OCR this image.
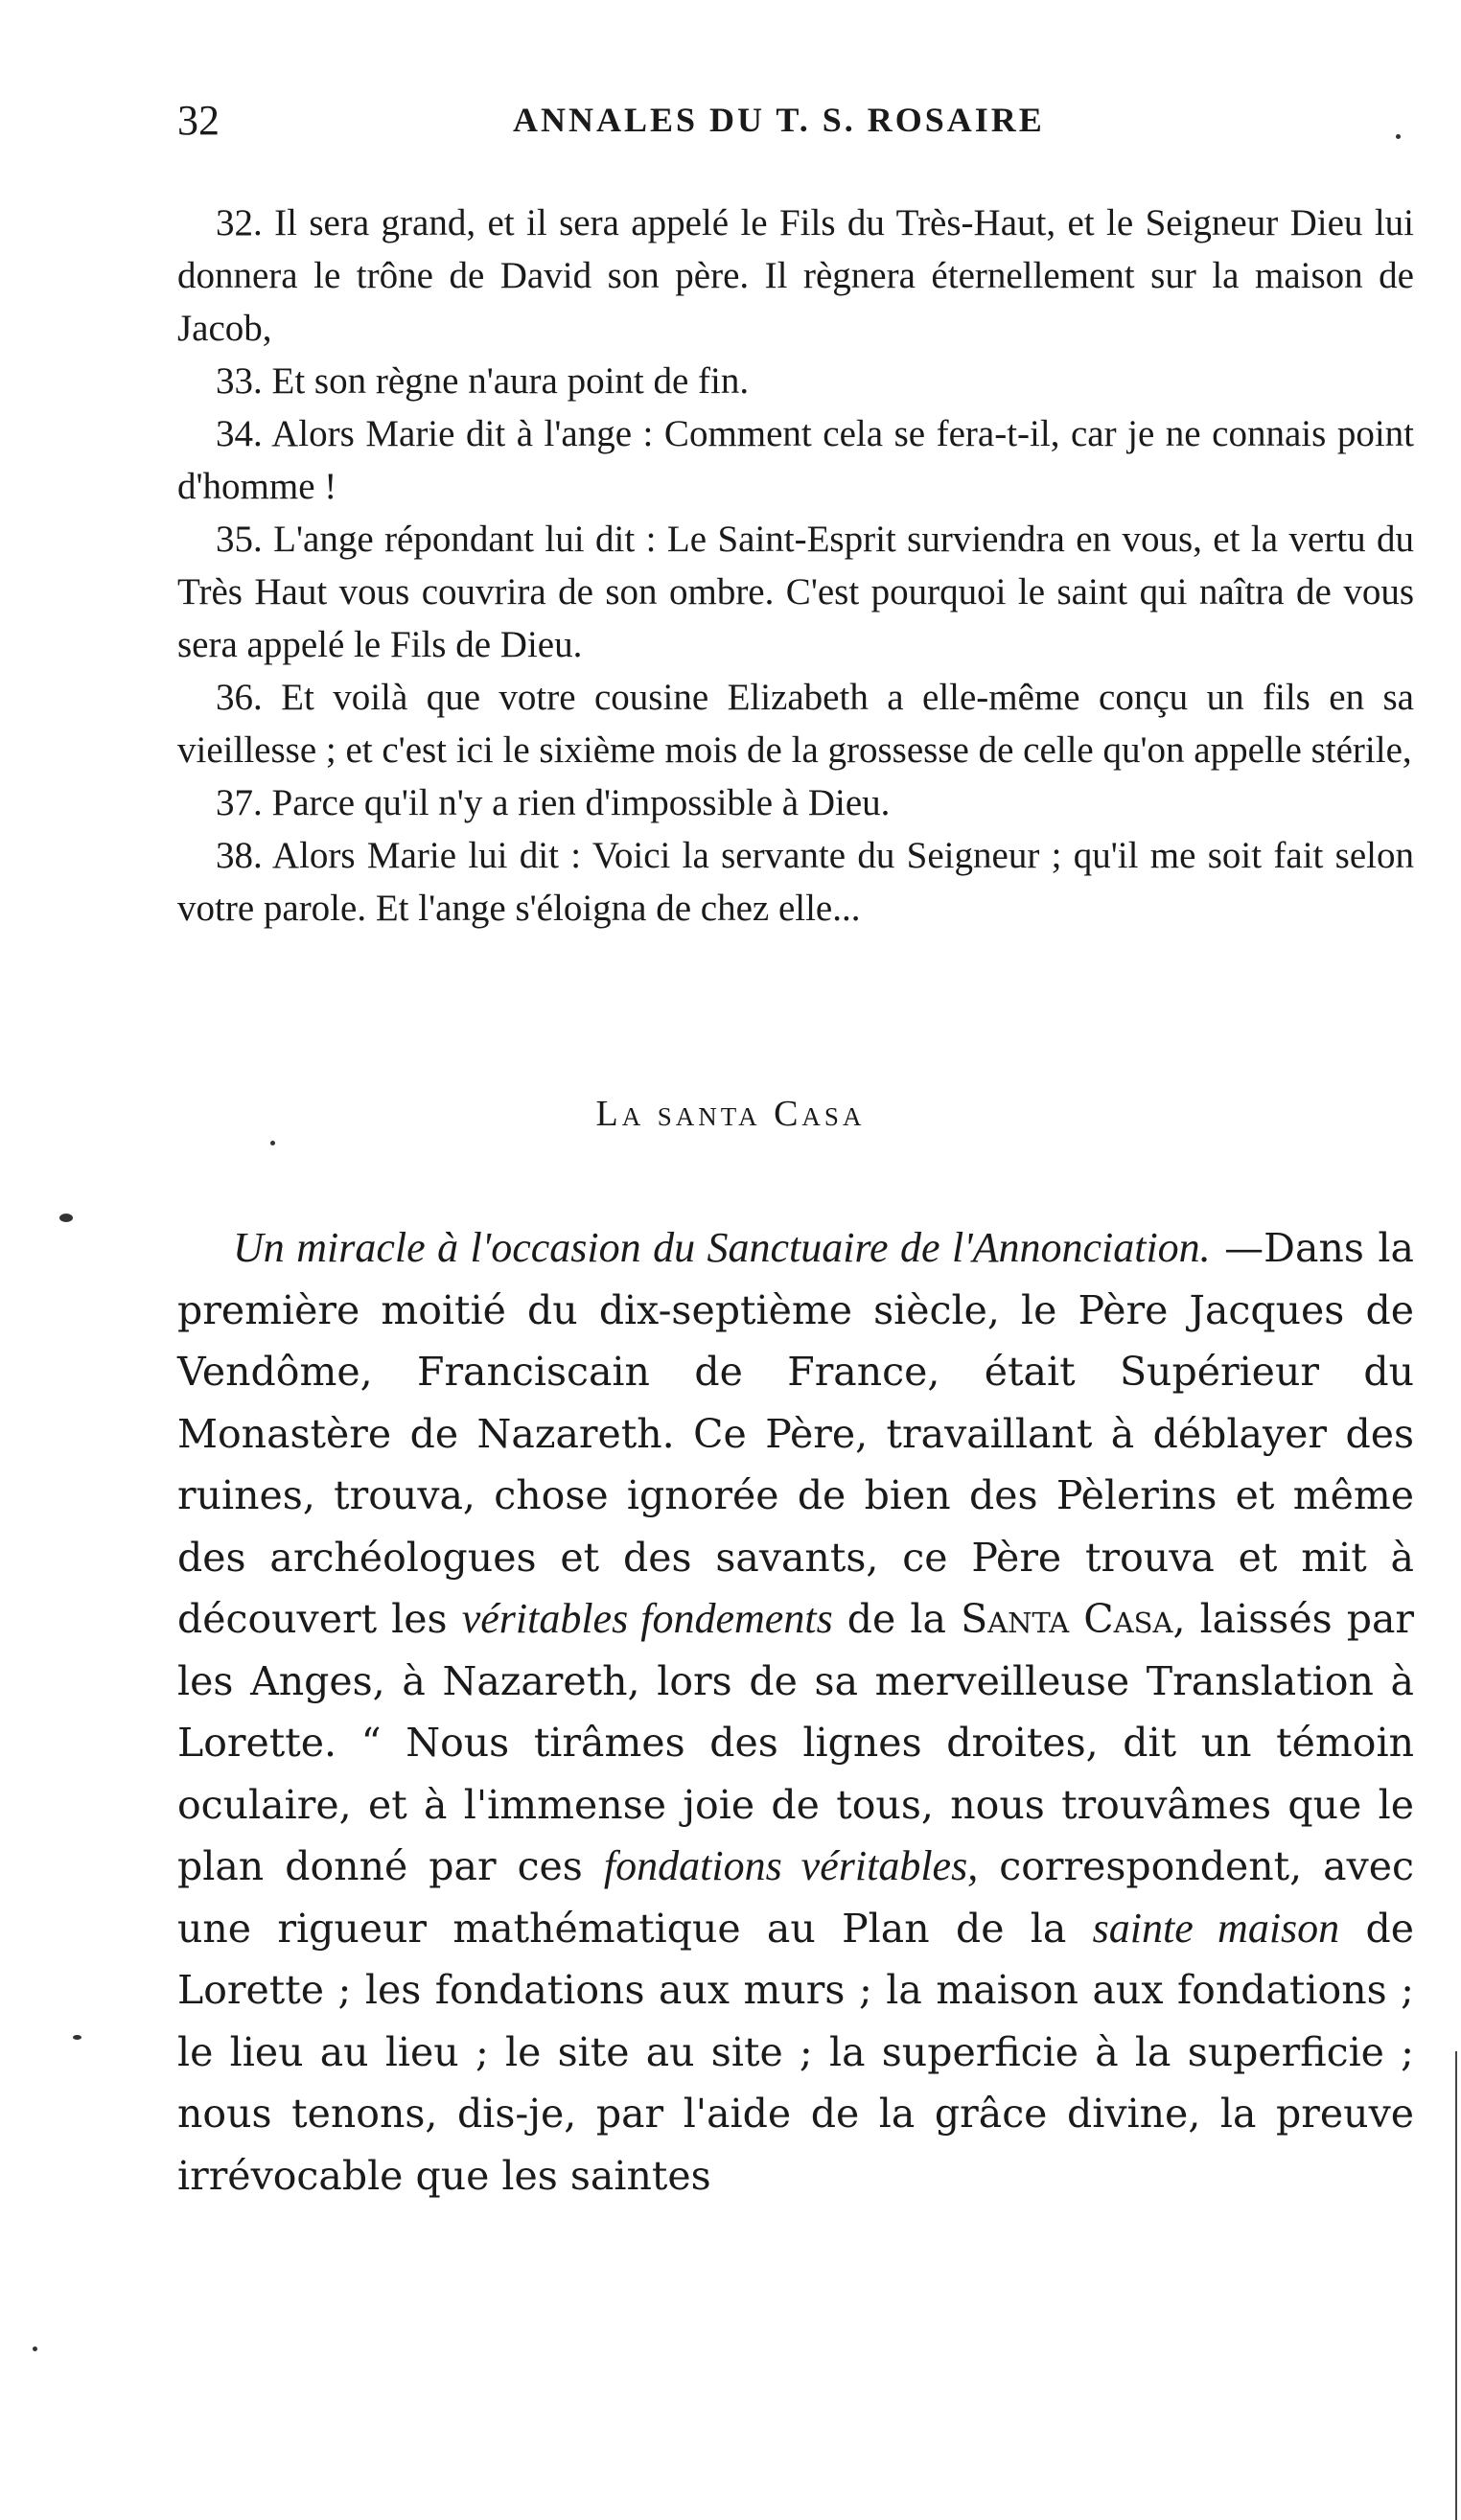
32	ANNALES DU T. S. ROSAIRE

32. Il sera grand, et il sera appelé le Fils du Très-Haut, et le Seigneur Dieu lui donnera le trône de David son père. Il règnera éternellement sur la maison de Jacob,

33. Et son règne n'aura point de fin.

34. Alors Marie dit à l'ange : Comment cela se fera-t-il, car je ne connais point d'homme !

35. L'ange répondant lui dit : Le Saint-Esprit surviendra en vous, et la vertu du Très Haut vous couvrira de son ombre. C'est pourquoi le saint qui naîtra de vous sera appelé le Fils de Dieu.

36. Et voilà que votre cousine Elizabeth a elle-même conçu un fils en sa vieillesse ; et c'est ici le sixième mois de la grossesse de celle qu'on appelle stérile,

37. Parce qu'il n'y a rien d'impossible à Dieu.

38. Alors Marie lui dit : Voici la servante du Seigneur ; qu'il me soit fait selon votre parole. Et l'ange s'éloigna de chez elle...

La santa Casa

Un miracle à l'occasion du Sanctuaire de l'Annonciation. —Dans la première moitié du dix-septième siècle, le Père Jacques de Vendôme, Franciscain de France, était Supérieur du Monastère de Nazareth. Ce Père, travaillant à déblayer des ruines, trouva, chose ignorée de bien des Pèlerins et même des archéologues et des savants, ce Père trouva et mit à découvert les véritables fondements de la Santa Casa, laissés par les Anges, à Nazareth, lors de sa merveilleuse Translation à Lorette. “ Nous tirâmes des lignes droites, dit un témoin oculaire, et à l'immense joie de tous, nous trouvâmes que le plan donné par ces fondations véritables, correspondent, avec une rigueur mathématique au Plan de la sainte maison de Lorette ; les fondations aux murs ; la maison aux fondations ; le lieu au lieu ; le site au site ; la superficie à la superficie ; nous tenons, dis-je, par l'aide de la grâce divine, la preuve irrévocable que les saintes
